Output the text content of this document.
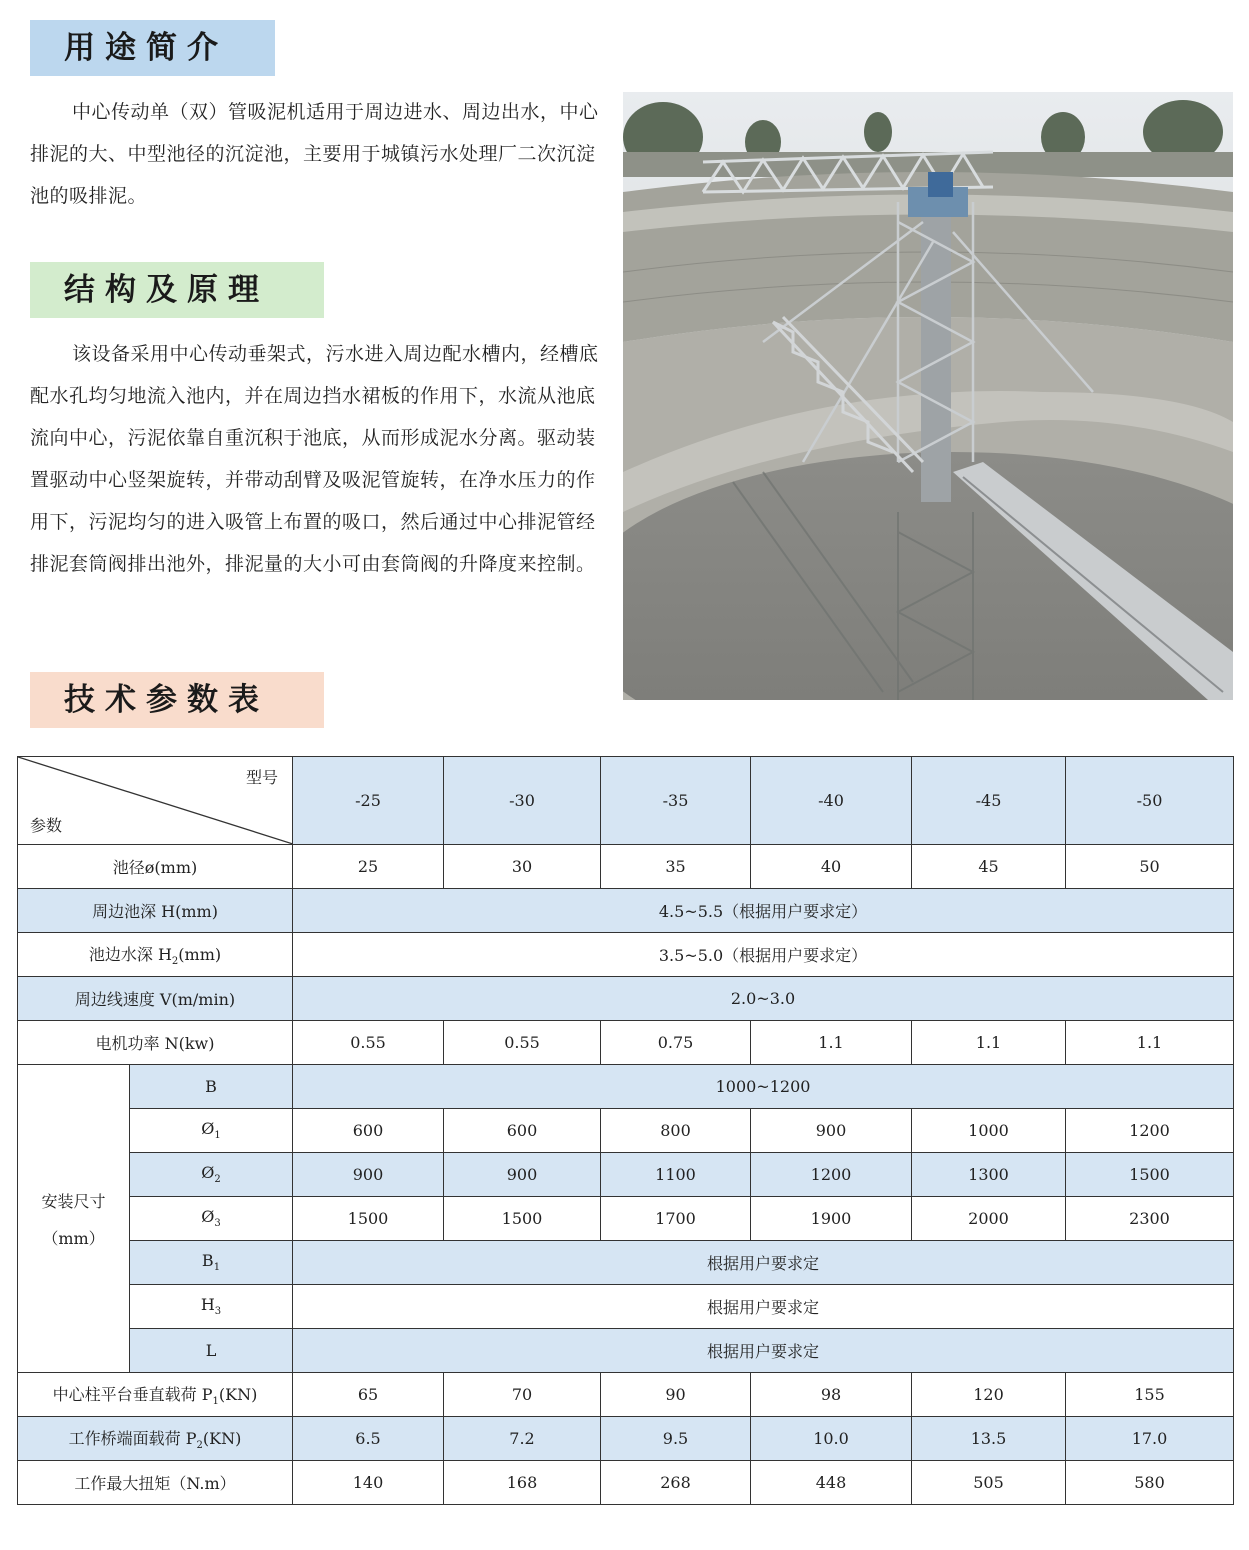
用途简介

中心传动单（双）管吸泥机适用于周边进水、周边出水，中心排泥的大、中型池径的沉淀池，主要用于城镇污水处理厂二次沉淀池的吸排泥。

结构及原理

该设备采用中心传动垂架式，污水进入周边配水槽内，经槽底配水孔均匀地流入池内，并在周边挡水裙板的作用下，水流从池底流向中心，污泥依靠自重沉积于池底，从而形成泥水分离。驱动装置驱动中心竖架旋转，并带动刮臂及吸泥管旋转，在净水压力的作用下，污泥均匀的进入吸管上布置的吸口，然后通过中心排泥管经排泥套筒阀排出池外，排泥量的大小可由套筒阀的升降度来控制。

技术参数表
型号
参数		-25	-30	-35	-40	-45	-50
池径ø(mm)		25	30	35	40	45	50
周边池深 H(mm)		4.5~5.5（根据用户要求定）					
池边水深 $H_2(mm)$		3.5~5.0（根据用户要求定）					
周边线速度 V(m/min)		2.0~3.0					
电机功率 N(kw)		0.55	0.55	0.75	1.1	1.1	1.1

安装尺寸
（mm）	B	1000~1200					
	$Ø_1$	600	600	800	900	1000	1200
	$Ø_2$	900	900	1100	1200	1300	1500
	$Ø_3$	1500	1500	1700	1900	2000	2300
	$B_1$	根据用户要求定					
	$H_3$	根据用户要求定					
	L	根据用户要求定					
中心柱平台垂直载荷 $P_1(KN)$		65	70	90	98	120	155
工作桥端面载荷 $P_2(KN)$		6.5	7.2	9.5	10.0	13.5	17.0
工作最大扭矩（N.m）		140	168	268	448	505	580
